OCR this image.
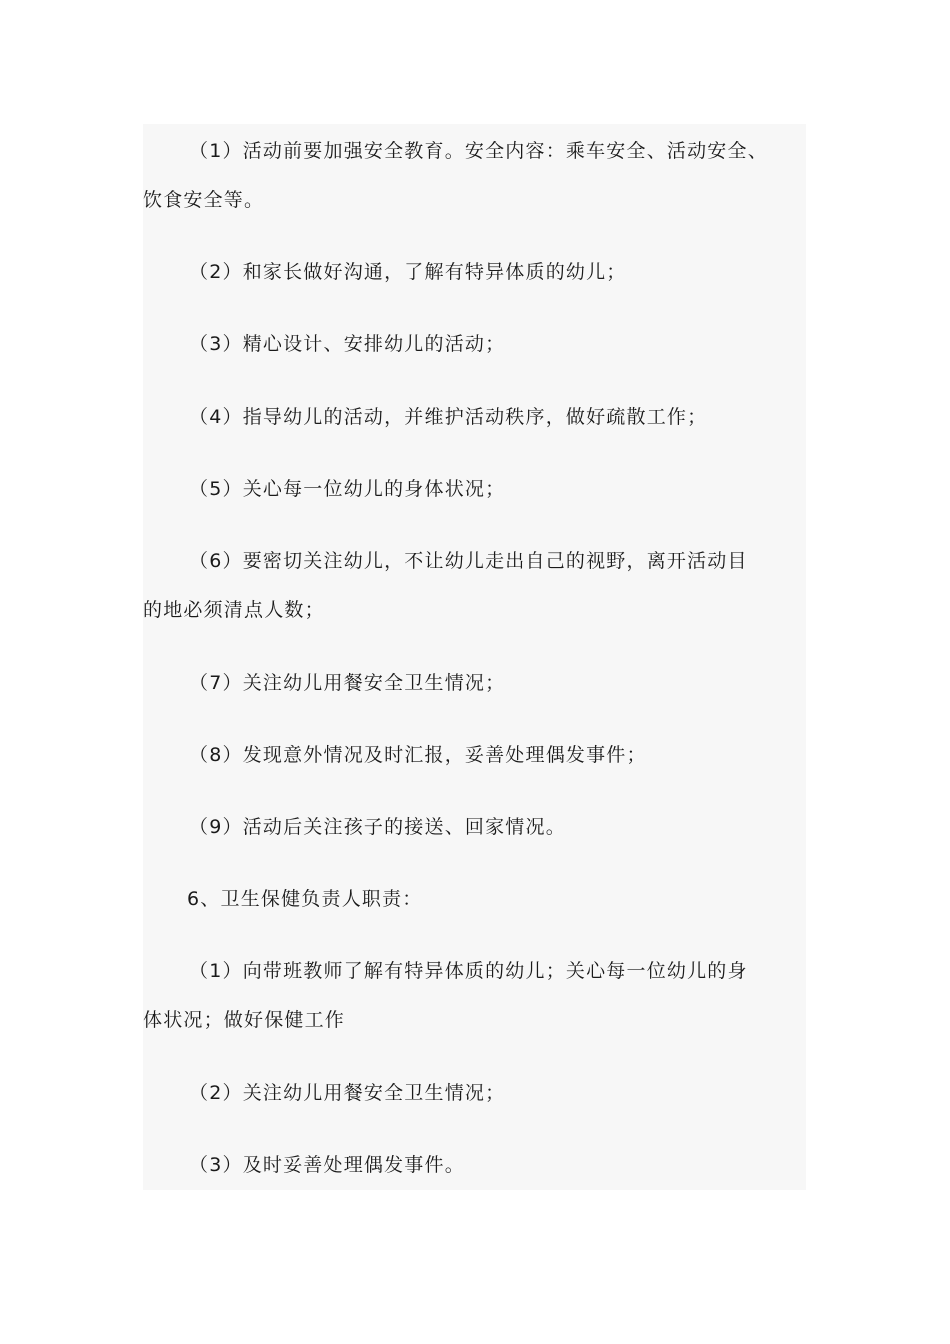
（1）活动前要加强安全教育。安全内容：乘车安全、活动安全、
饮食安全等。
（2）和家长做好沟通，了解有特异体质的幼儿；
（3）精心设计、安排幼儿的活动；
（4）指导幼儿的活动，并维护活动秩序，做好疏散工作；
（5）关心每一位幼儿的身体状况；
（6）要密切关注幼儿，不让幼儿走出自己的视野，离开活动目
的地必须清点人数；
（7）关注幼儿用餐安全卫生情况；
（8）发现意外情况及时汇报，妥善处理偶发事件；
（9）活动后关注孩子的接送、回家情况。
6、卫生保健负责人职责：
（1）向带班教师了解有特异体质的幼儿；关心每一位幼儿的身
体状况；做好保健工作
（2）关注幼儿用餐安全卫生情况；
（3）及时妥善处理偶发事件。
